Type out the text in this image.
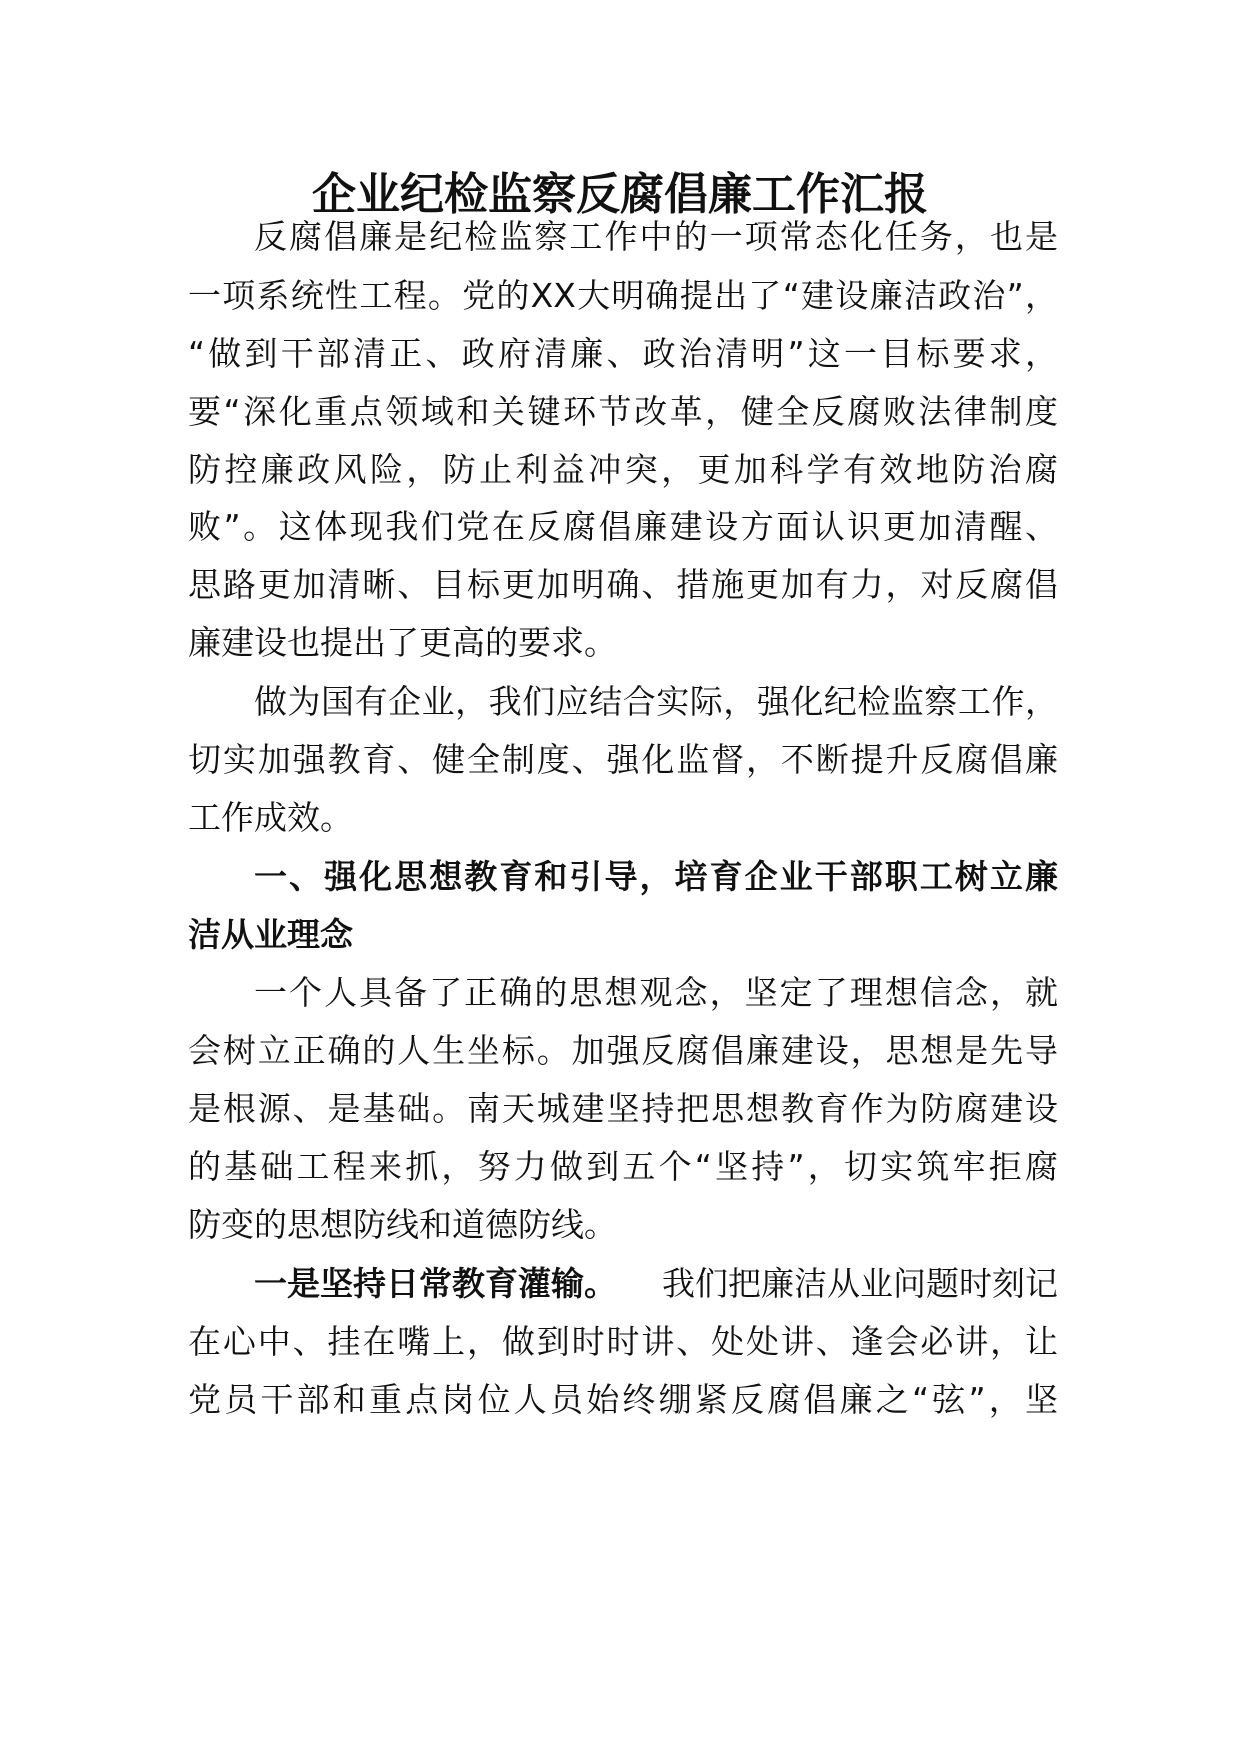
企业纪检监察反腐倡廉工作汇报

反腐倡廉是纪检监察工作中的一项常态化任务，也是

一项系统性工程。党的XX大明确提出了“建设廉洁政治”，

“做到干部清正、政府清廉、政治清明”这一目标要求，

要“深化重点领域和关键环节改革，健全反腐败法律制度

防控廉政风险，防止利益冲突，更加科学有效地防治腐

败”。这体现我们党在反腐倡廉建设方面认识更加清醒、

思路更加清晰、目标更加明确、措施更加有力，对反腐倡

廉建设也提出了更高的要求。

做为国有企业，我们应结合实际，强化纪检监察工作，

切实加强教育、健全制度、强化监督，不断提升反腐倡廉

工作成效。

一、强化思想教育和引导，培育企业干部职工树立廉

洁从业理念

一个人具备了正确的思想观念，坚定了理想信念，就

会树立正确的人生坐标。加强反腐倡廉建设，思想是先导

是根源、是基础。南天城建坚持把思想教育作为防腐建设

的基础工程来抓，努力做到五个“坚持”，切实筑牢拒腐

防变的思想防线和道德防线。

一是坚持日常教育灌输。 我们把廉洁从业问题时刻记

在心中、挂在嘴上，做到时时讲、处处讲、逢会必讲，让

党员干部和重点岗位人员始终绷紧反腐倡廉之“弦”，坚
